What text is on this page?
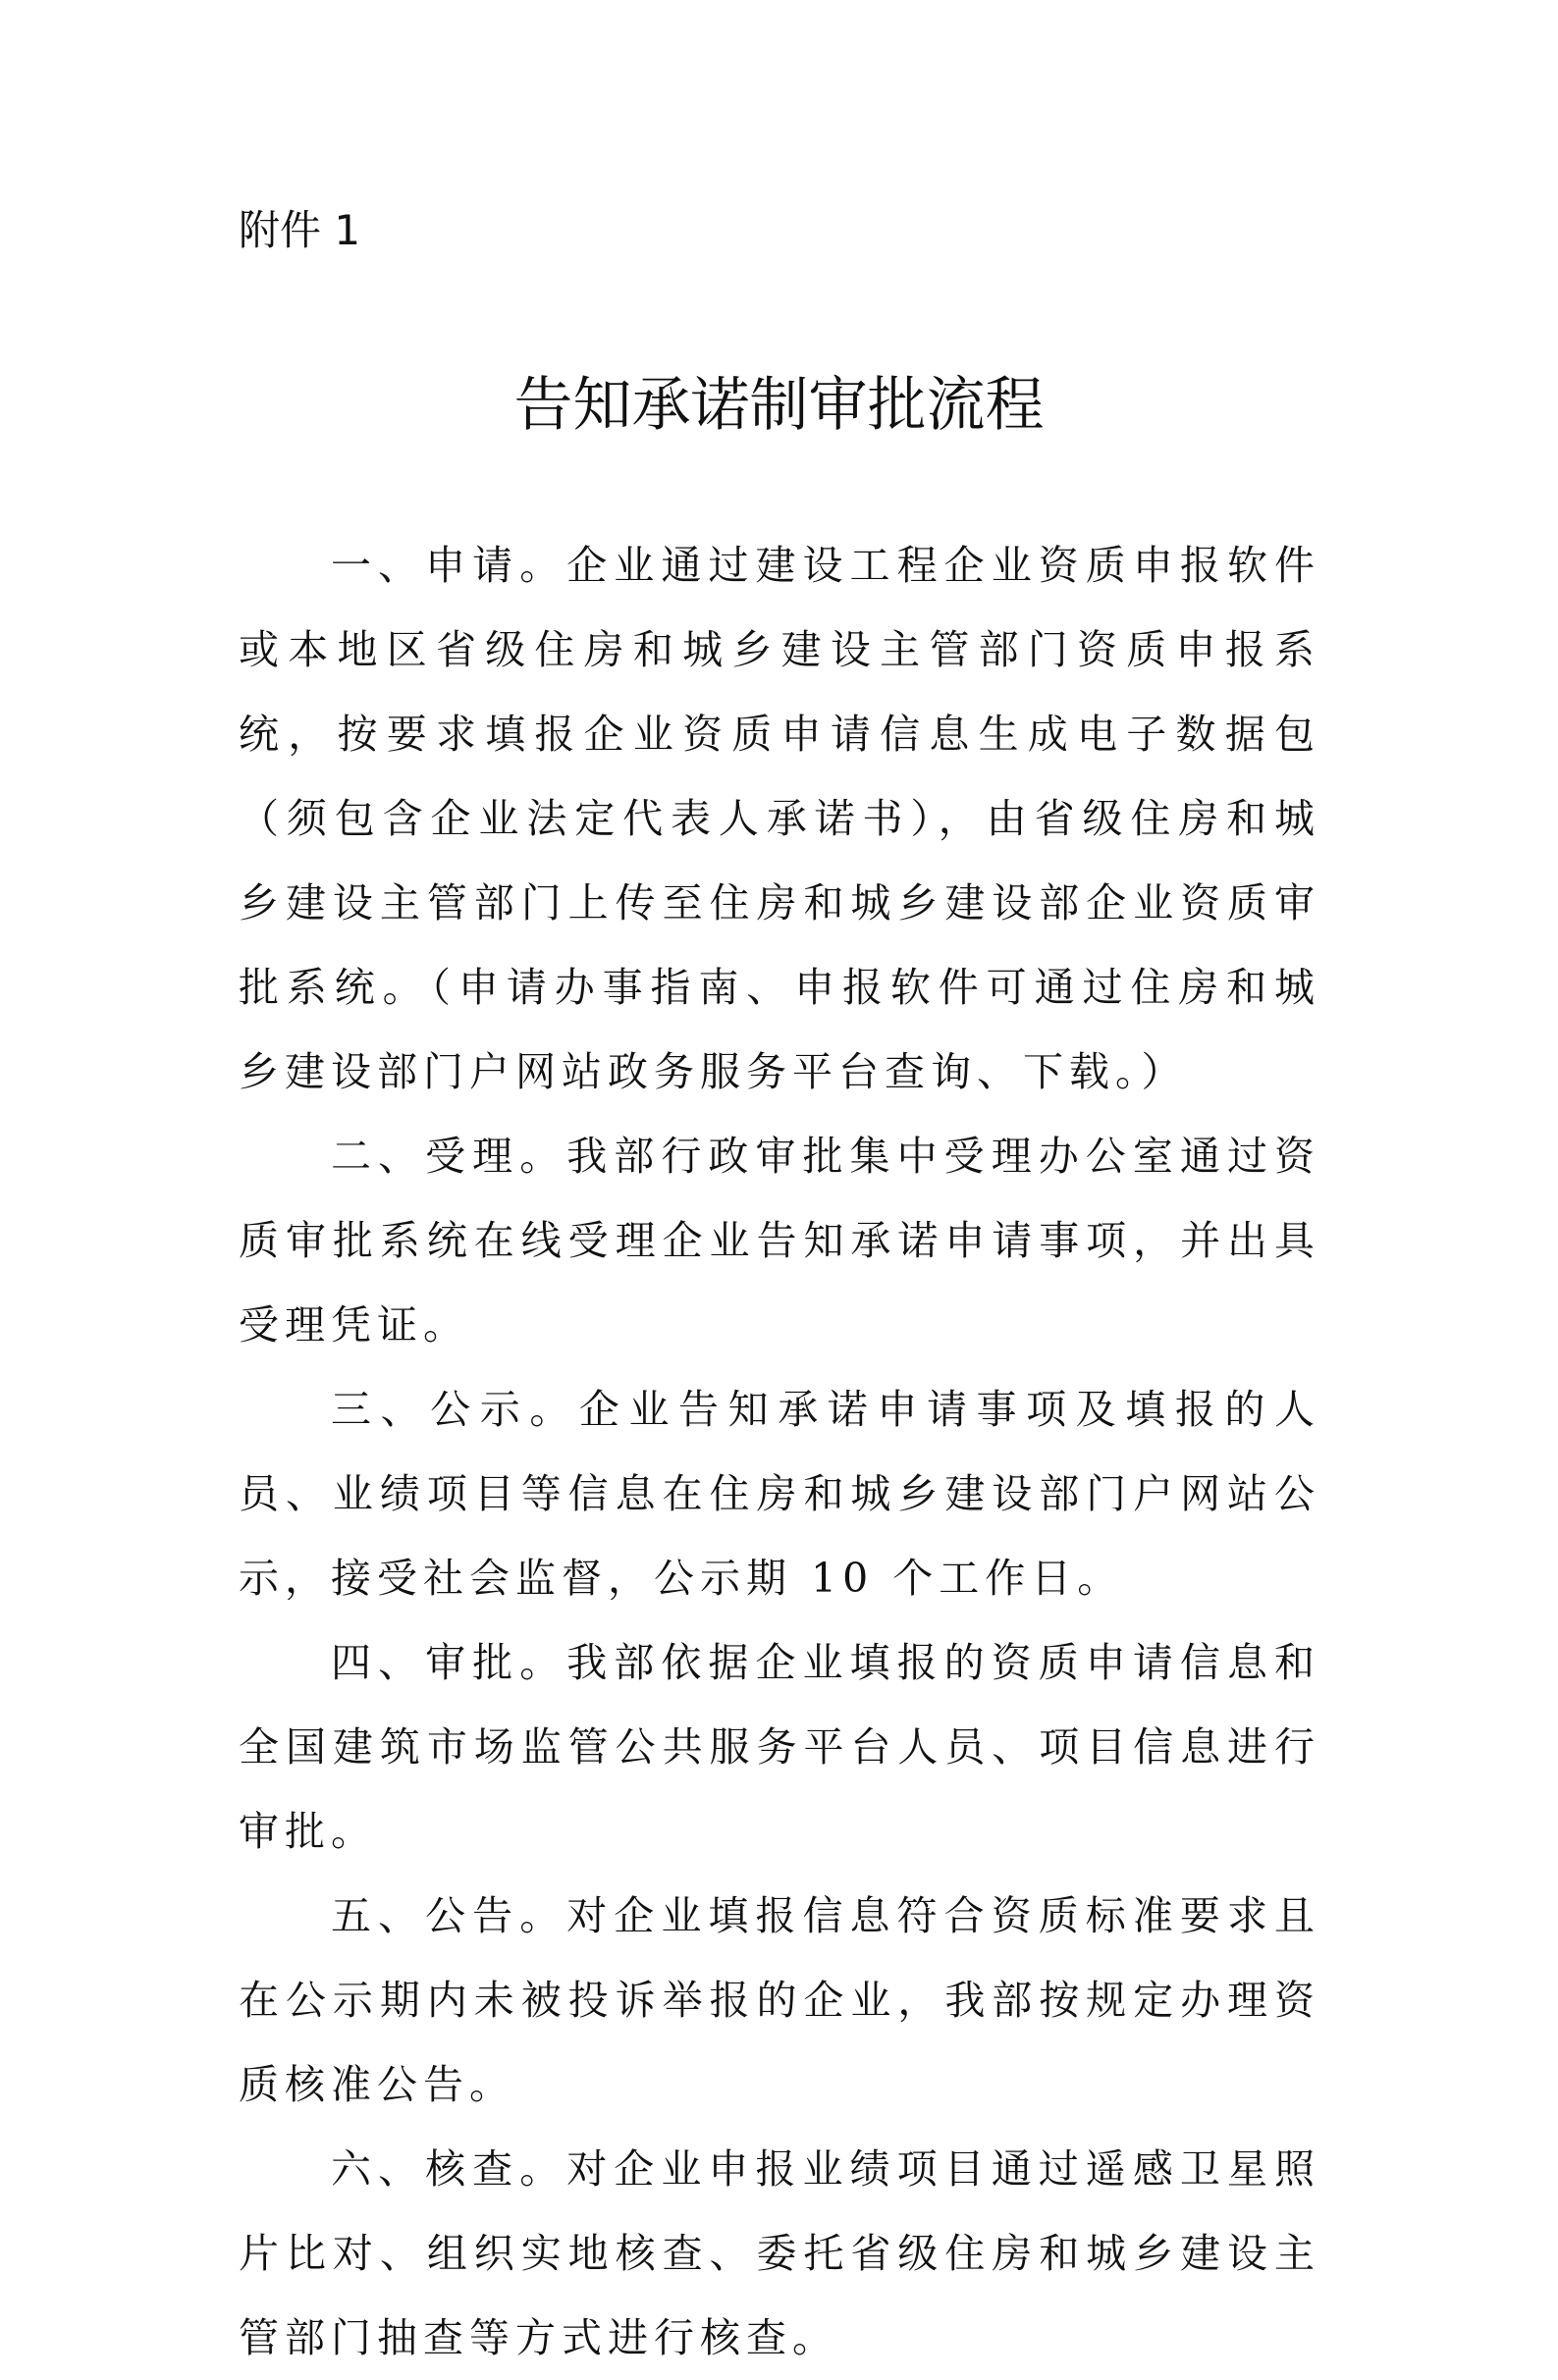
附件 1
告知承诺制审批流程

一、申请。企业通过建设工程企业资质申报软件或本地区省级住房和城乡建设主管部门资质申报系统，按要求填报企业资质申请信息生成电子数据包（须包含企业法定代表人承诺书），由省级住房和城乡建设主管部门上传至住房和城乡建设部企业资质审批系统。（申请办事指南、申报软件可通过住房和城乡建设部门户网站政务服务平台查询、下载。）

二、受理。我部行政审批集中受理办公室通过资质审批系统在线受理企业告知承诺申请事项，并出具受理凭证。

三、公示。企业告知承诺申请事项及填报的人员、业绩项目等信息在住房和城乡建设部门户网站公示，接受社会监督，公示期 10 个工作日。

四、审批。我部依据企业填报的资质申请信息和全国建筑市场监管公共服务平台人员、项目信息进行审批。

五、公告。对企业填报信息符合资质标准要求且在公示期内未被投诉举报的企业，我部按规定办理资质核准公告。

六、核查。对企业申报业绩项目通过遥感卫星照片比对、组织实地核查、委托省级住房和城乡建设主管部门抽查等方式进行核查。
